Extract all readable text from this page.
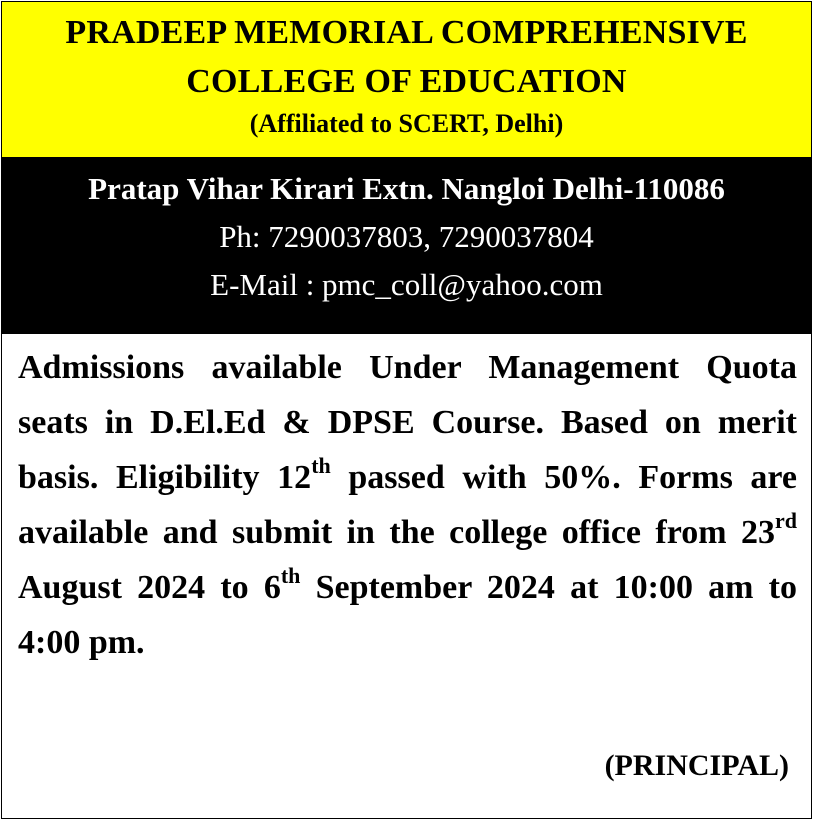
PRADEEP MEMORIAL COMPREHENSIVE
COLLEGE OF EDUCATION
(Affiliated to SCERT, Delhi)
Pratap Vihar Kirari Extn. Nangloi Delhi-110086
Ph: 7290037803, 7290037804
E-Mail : pmc_coll@yahoo.com
Admissions available Under Management Quota seats in D.El.Ed & DPSE Course. Based on merit basis. Eligibility 12th passed with 50%. Forms are available and submit in the college office from 23rd August 2024 to 6th September 2024 at 10:00 am to 4:00 pm.
(PRINCIPAL)
